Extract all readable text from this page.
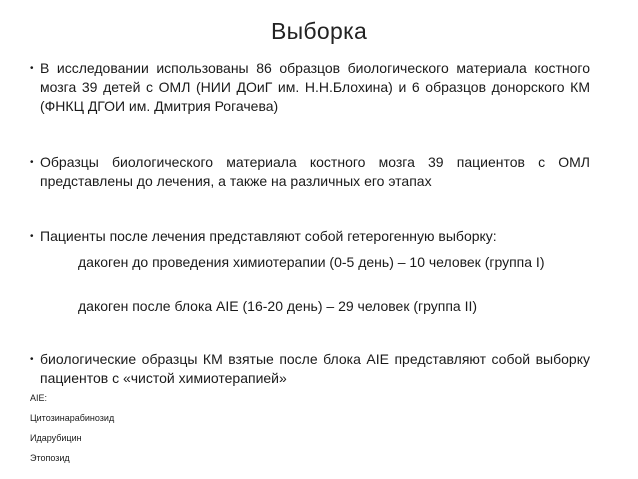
Выборка
• В исследовании использованы 86 образцов биологического материала костного мозга 39 детей с ОМЛ (НИИ ДОиГ им. Н.Н.Блохина) и 6 образцов донорского КМ (ФНКЦ ДГОИ им. Дмитрия Рогачева)
• Образцы биологического материала костного мозга 39 пациентов с ОМЛ представлены до лечения, а также на различных его этапах
• Пациенты после лечения представляют собой гетерогенную выборку:
дакоген до проведения химиотерапии (0-5 день) – 10 человек (группа I)
дакоген после блока AIE (16-20 день) – 29 человек (группа II)
• биологические образцы КМ взятые после блока AIE представляют собой выборку пациентов с «чистой химиотерапией»
AIE:
Цитозинарабинозид
Идарубицин
Этопозид
